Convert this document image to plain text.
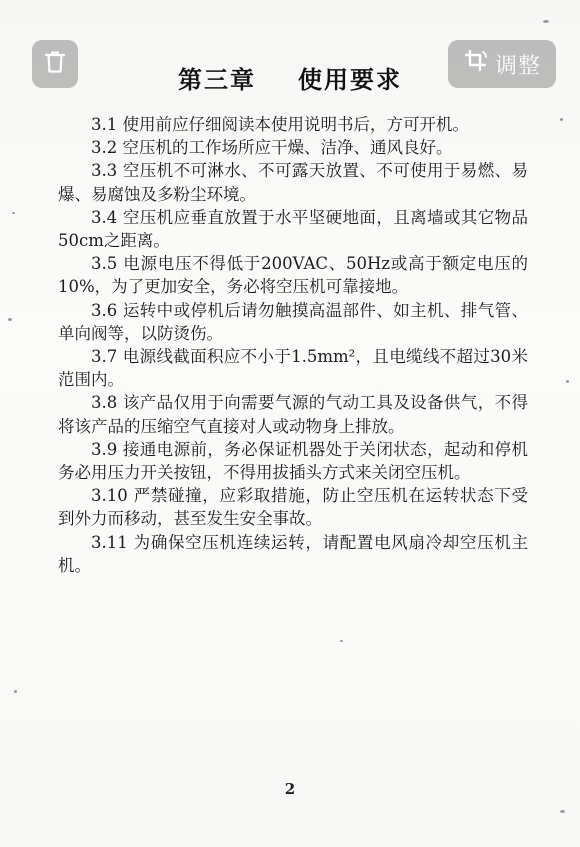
第三章 使用要求

3.1 使用前应仔细阅读本使用说明书后，方可开机。

3.2 空压机的工作场所应干燥、洁净、通风良好。

3.3 空压机不可淋水、不可露天放置、不可使用于易燃、易爆、易腐蚀及多粉尘环境。

3.4 空压机应垂直放置于水平坚硬地面，且离墙或其它物品50cm之距离。

3.5 电源电压不得低于200VAC、50Hz或高于额定电压的10%，为了更加安全，务必将空压机可靠接地。

3.6 运转中或停机后请勿触摸高温部件、如主机、排气管、单向阀等，以防烫伤。

3.7 电源线截面积应不小于1.5mm²，且电缆线不超过30米范围内。

3.8 该产品仅用于向需要气源的气动工具及设备供气，不得将该产品的压缩空气直接对人或动物身上排放。

3.9 接通电源前，务必保证机器处于关闭状态，起动和停机务必用压力开关按钮，不得用拔插头方式来关闭空压机。

3.10 严禁碰撞，应彩取措施，防止空压机在运转状态下受到外力而移动，甚至发生安全事故。

3.11 为确保空压机连续运转，请配置电风扇冷却空压机主机。

2
调整
